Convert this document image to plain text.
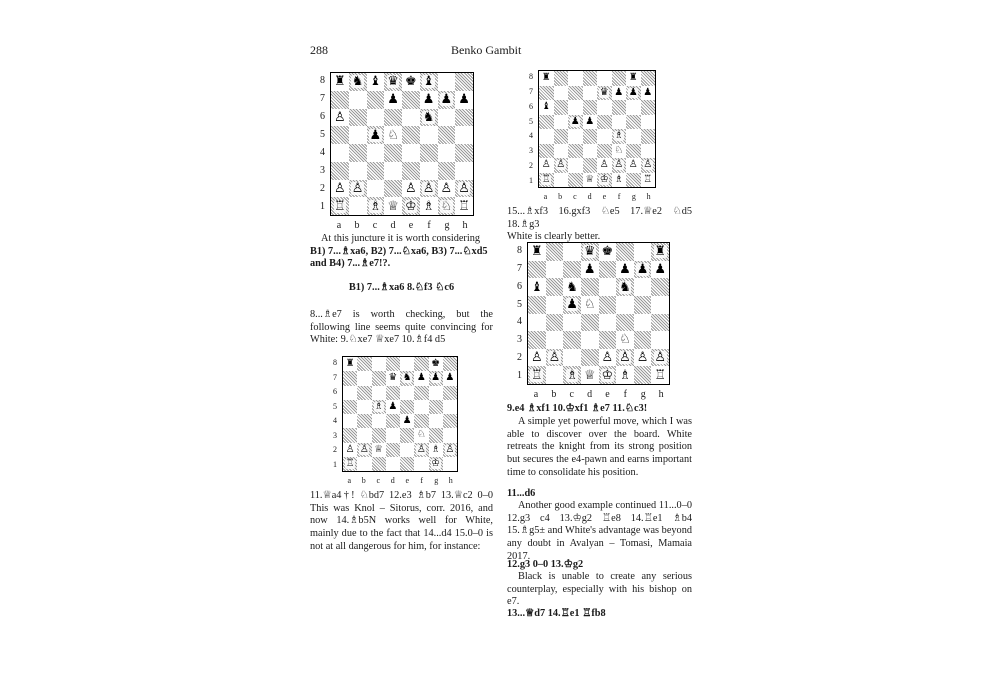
288	Benko Gambit

At this juncture it is worth considering

B1) 7...♗xa6, B2) 7...♘xa6, B3) 7...♘xd5

and B4) 7...♗e7!?.

B1) 7...♗xa6 8.♘f3 ♘c6
8...♗e7 is worth checking, but the following line seems quite convincing for White: 9.♘xe7 ♕xe7 10.♗f4 d5
11.♕a4†! ♘bd7 12.e3 ♗b7 13.♕c2 0–0 This was Knol – Sitorus, corr. 2016, and now 14.♗b5N works well for White, mainly due to the fact that 14...d4 15.0–0 is not at all dangerous for him, for instance:

15...♗xf3 16.gxf3 ♘e5 17.♕e2 ♘d5 18.♗g3

White is clearly better.

9.e4 ♗xf1 10.♔xf1 ♗e7 11.♘c3!
A simple yet powerful move, which I was able to discover over the board. White retreats the knight from its strong position but secures the e4-pawn and earns important time to consolidate his position.
11...d6
Another good example continued 11...0–0 12.g3 c4 13.♔g2 ♖e8 14.♖e1 ♗b4 15.♗g5± and White's advantage was beyond any doubt in Avalyan – Tomasi, Mamaia 2017.
12.g3 0–0 13.♔g2
Black is unable to create any serious counterplay, especially with his bishop on e7.
13...♕d7 14.♖e1 ♖fb8
♜ ♞ ♝ ♛ ♚ ♝
♟ ♟ ♟ ♟
♙	♞
♟ ♘
♙ ♙	♙ ♙ ♙ ♙
♖ ♗ ♕ ♔ ♗ ♘ ♖
8
7
6
5
4
3
2
1
a	b	c	d	e	f	g	h
♜	♚
♛ ♞ ♟ ♟ ♟
♗ ♟
♟
♘
♙ ♙ ♕	♙ ♗ ♙
♖	♔
8
7
6
5
4
3
2
1
a	b	c	d	e	f	g	h
♜	♜
♛ ♟ ♟ ♟
♝
♟ ♟
♗
♘
♙ ♙	♙ ♙ ♙ ♙
♖	♕ ♔ ♗ ♖
8
7
6
5
4
3
2
1
a	b	c	d	e	f	g	h
♜	♛ ♚	♜
♟ ♟ ♟ ♟
♝ ♞	♞
♟ ♘
♘
♙ ♙	♙ ♙ ♙ ♙
♖ ♗ ♕ ♔ ♗ ♖
8
7
6
5
4
3
2
1
a	b	c	d	e	f	g	h
